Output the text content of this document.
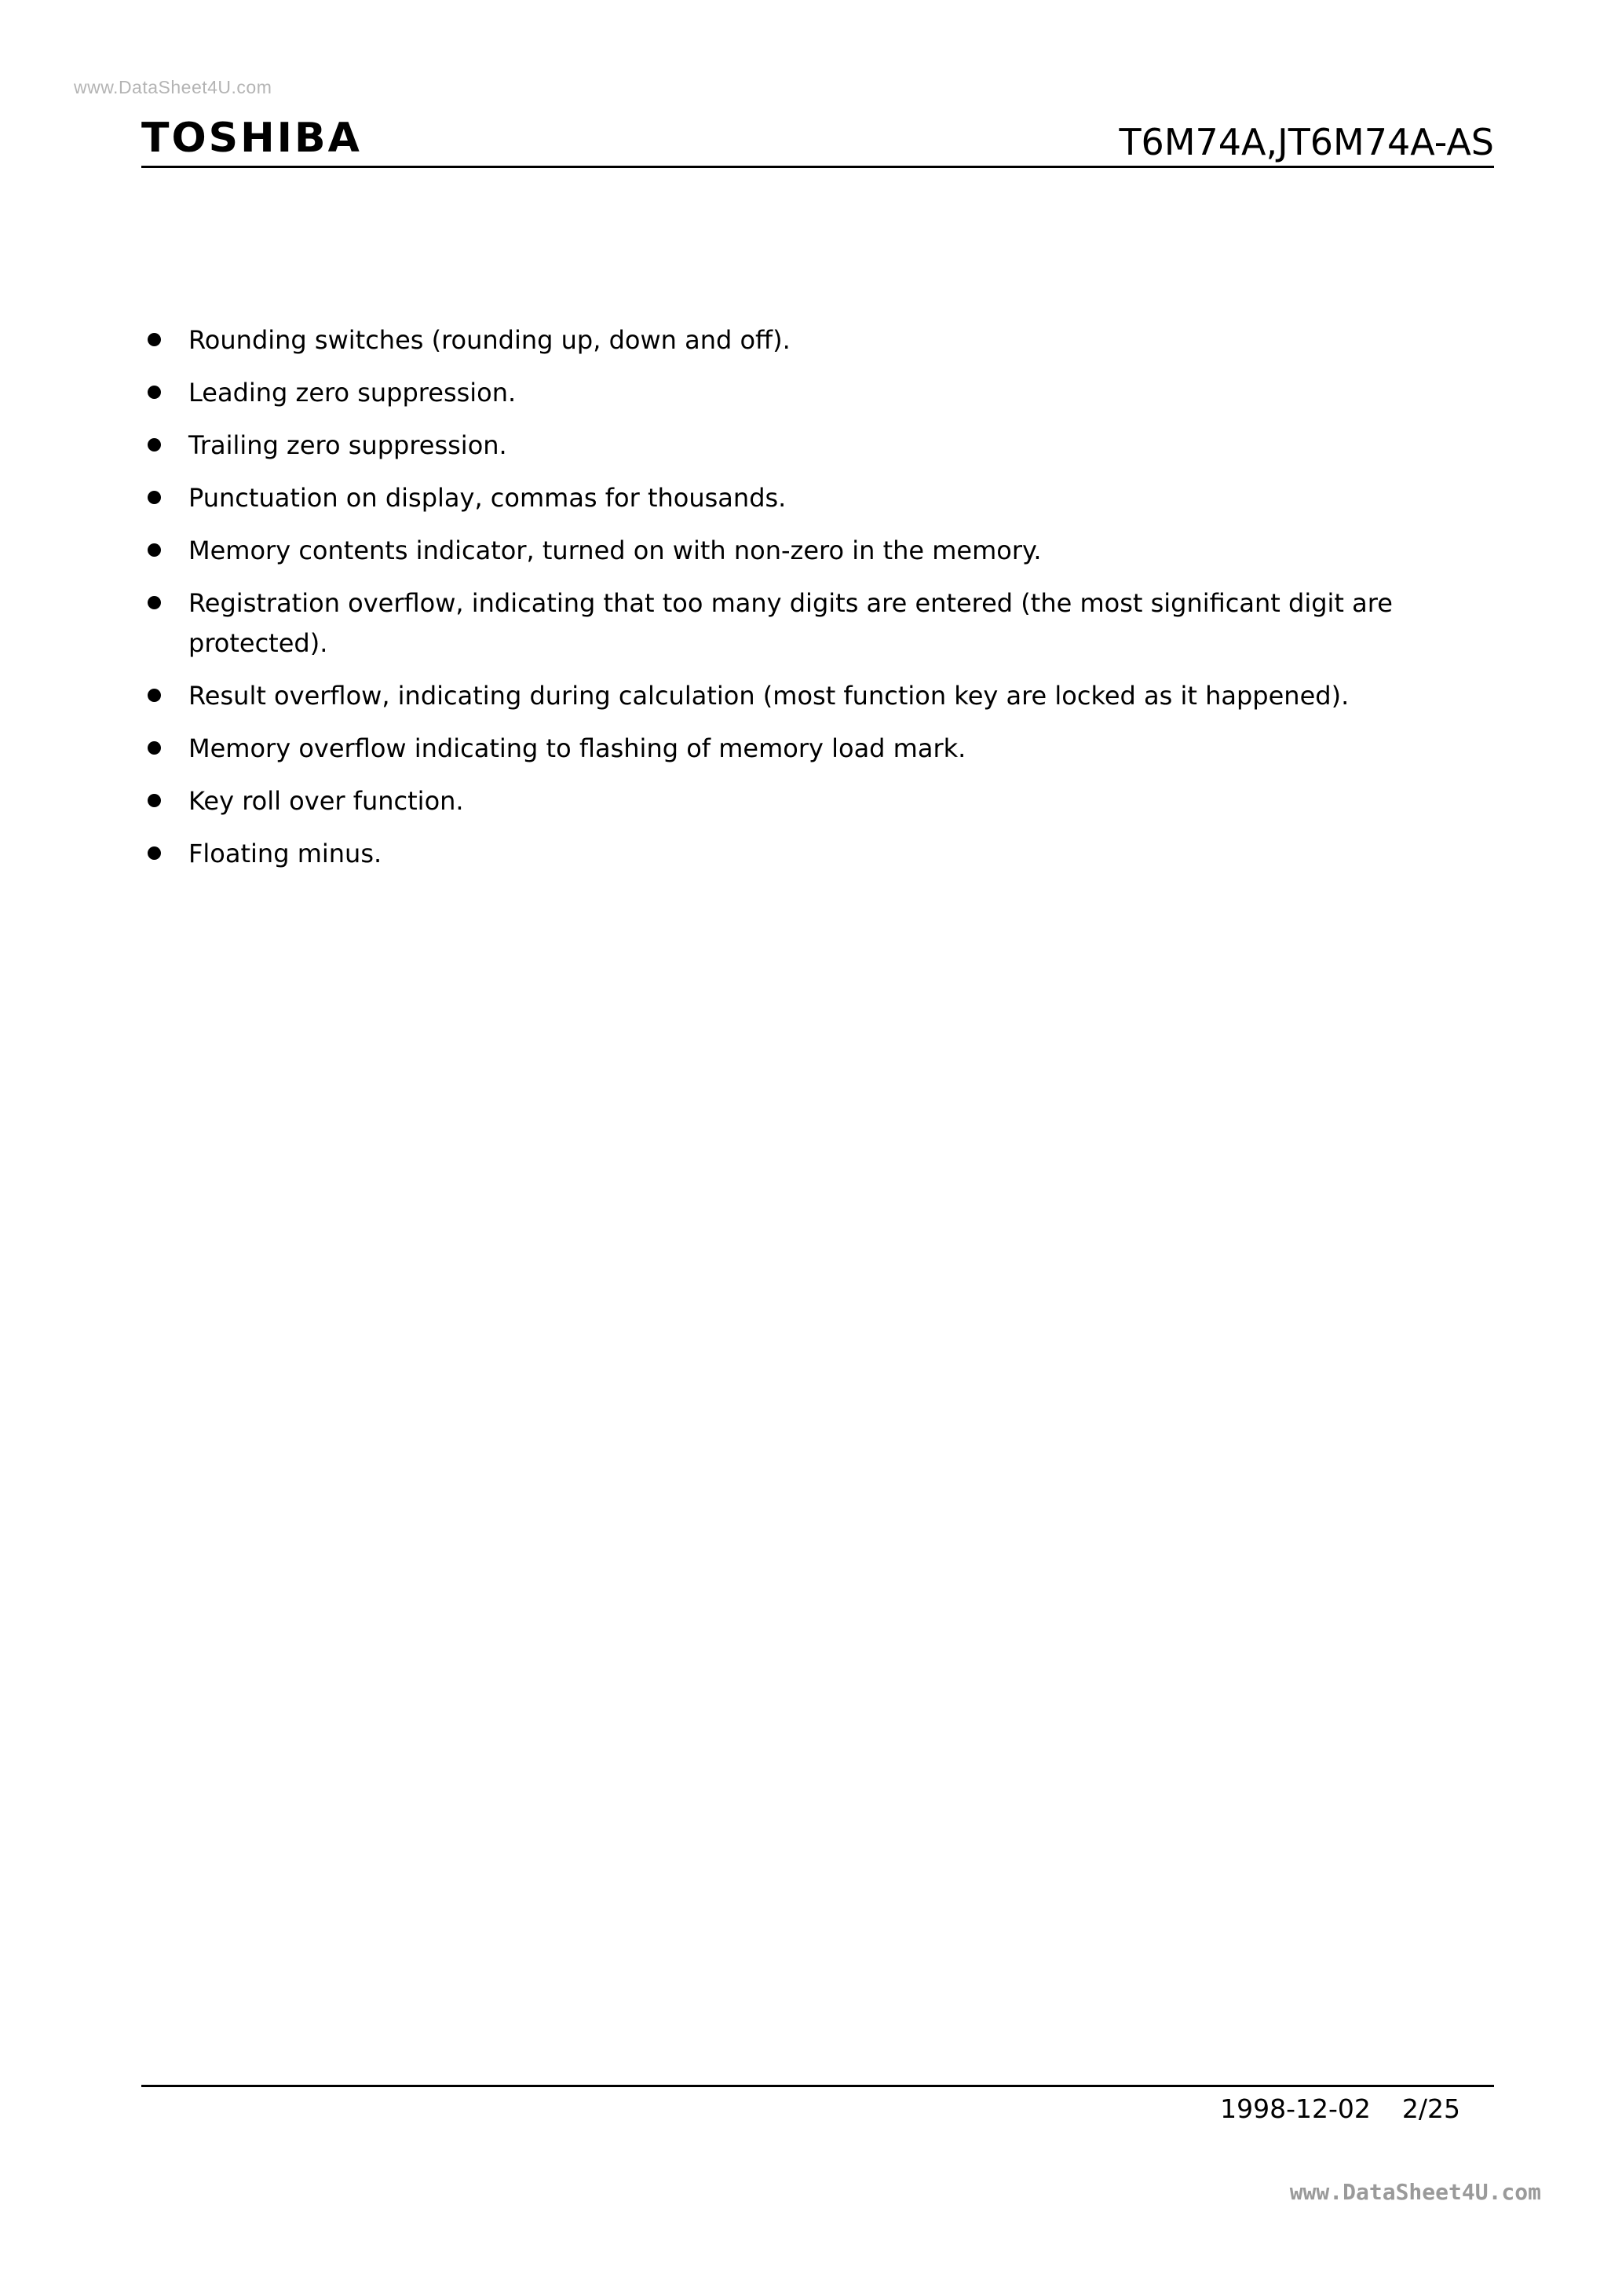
www.DataSheet4U.com
TOSHIBA	T6M74A,JT6M74A-AS
Rounding switches (rounding up, down and off).
Leading zero suppression.
Trailing zero suppression.
Punctuation on display, commas for thousands.
Memory contents indicator, turned on with non-zero in the memory.
Registration overflow, indicating that too many digits are entered (the most significant digit are protected).
Result overflow, indicating during calculation (most function key are locked as it happened).
Memory overflow indicating to flashing of memory load mark.
Key roll over function.
Floating minus.
1998-12-02 2/25
www.DataSheet4U.com
